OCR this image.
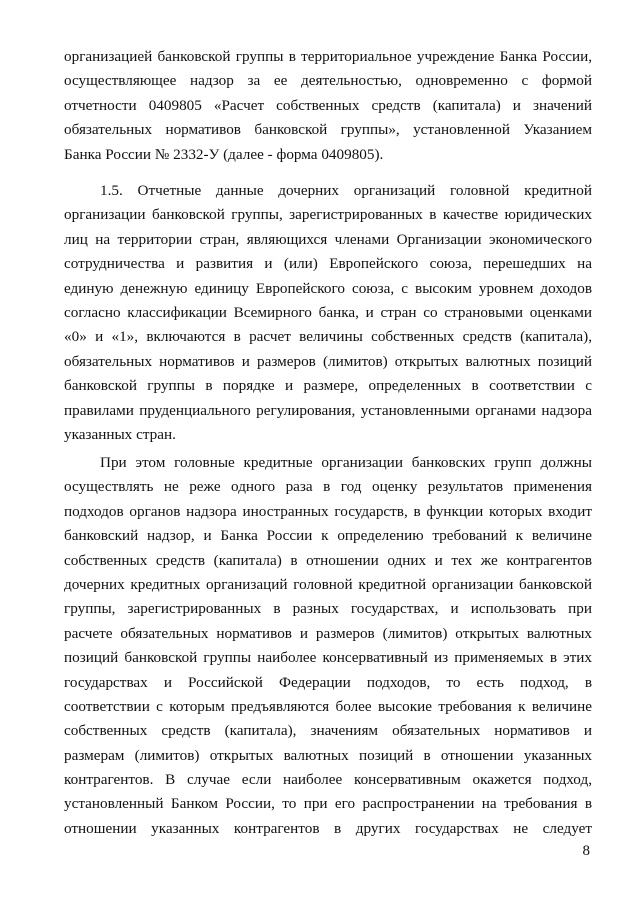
организацией банковской группы в территориальное учреждение Банка России,
осуществляющее надзор за ее деятельностью, одновременно с формой
отчетности 0409805 «Расчет собственных средств (капитала) и значений
обязательных нормативов банковской группы», установленной Указанием
Банка России № 2332-У (далее - форма 0409805).
1.5. Отчетные данные дочерних организаций головной кредитной
организации банковской группы, зарегистрированных в качестве юридических
лиц на территории стран, являющихся членами Организации экономического
сотрудничества и развития и (или) Европейского союза, перешедших на
единую денежную единицу Европейского союза, с высоким уровнем доходов
согласно классификации Всемирного банка, и стран со страновыми оценками
«0» и «1», включаются в расчет величины собственных средств (капитала),
обязательных нормативов и размеров (лимитов) открытых валютных позиций
банковской группы в порядке и размере, определенных в соответствии с
правилами пруденциального регулирования, установленными органами надзора
указанных стран.
При этом головные кредитные организации банковских групп должны
осуществлять не реже одного раза в год оценку результатов применения
подходов органов надзора иностранных государств, в функции которых входит
банковский надзор, и Банка России к определению требований к величине
собственных средств (капитала) в отношении одних и тех же контрагентов
дочерних кредитных организаций головной кредитной организации банковской
группы, зарегистрированных в разных государствах, и использовать при
расчете обязательных нормативов и размеров (лимитов) открытых валютных
позиций банковской группы наиболее консервативный из применяемых в этих
государствах и Российской Федерации подходов, то есть подход, в
соответствии с которым предъявляются более высокие требования к величине
собственных средств (капитала), значениям обязательных нормативов и
размерам (лимитов) открытых валютных позиций в отношении указанных
контрагентов. В случае если наиболее консервативным окажется подход,
установленный Банком России, то при его распространении на требования в
отношении указанных контрагентов в других государствах не следует
8
